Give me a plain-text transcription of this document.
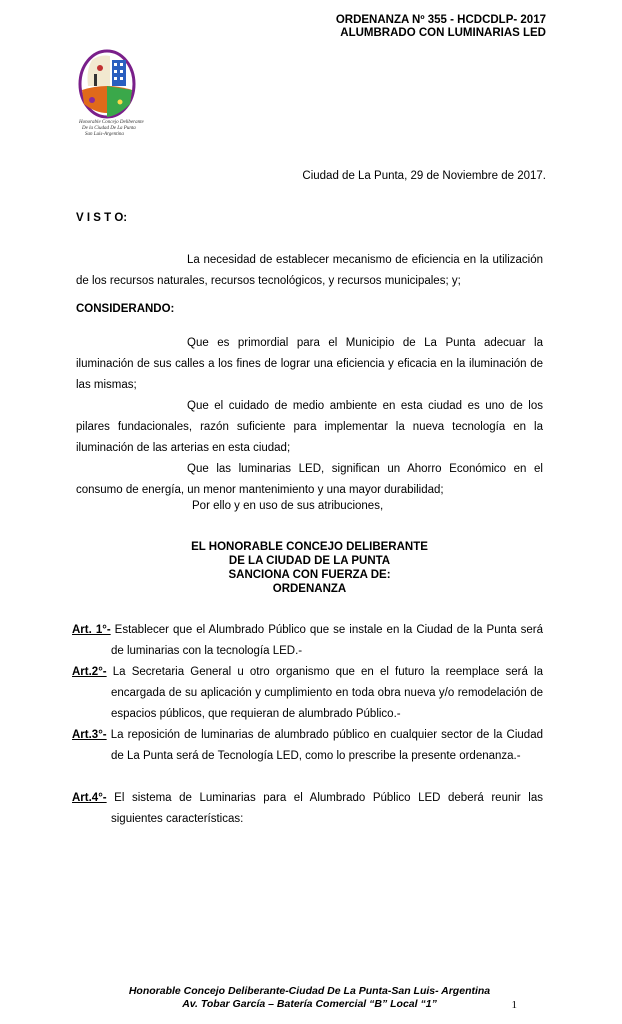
ORDENANZA Nº 355 - HCDCDLP- 2017
ALUMBRADO CON LUMINARIAS LED
Honorable Concejo Deliberante
De la Ciudad De La Punta
San Luis-Argentina
Ciudad de La Punta, 29 de Noviembre de 2017.
V I S T O:
La necesidad de establecer mecanismo de eficiencia en la utilización de los recursos naturales, recursos tecnológicos, y recursos municipales; y;
CONSIDERANDO:
Que es primordial para el Municipio de La Punta adecuar la iluminación de sus calles a los fines de lograr una eficiencia y eficacia en la iluminación de las mismas;
Que el cuidado de medio ambiente en esta ciudad es uno de los pilares fundacionales, razón suficiente para implementar la nueva tecnología en la iluminación de las arterias en esta ciudad;
Que las luminarias LED, significan un Ahorro Económico en el consumo de energía, un menor mantenimiento y una mayor durabilidad;
Por ello y en uso de sus atribuciones,
EL HONORABLE CONCEJO DELIBERANTE
DE LA CIUDAD DE LA PUNTA
SANCIONA CON FUERZA DE:
ORDENANZA
Art. 1°- Establecer que el Alumbrado Público que se instale en la Ciudad de la Punta será de luminarias con la tecnología LED.-
Art.2°- La Secretaria General u otro organismo que en el futuro la reemplace será la encargada de su aplicación y cumplimiento en toda obra nueva y/o remodelación de espacios públicos, que requieran de alumbrado Público.-
Art.3°- La reposición de luminarias de alumbrado público en cualquier sector de la Ciudad de La Punta será de Tecnología LED, como lo prescribe la presente ordenanza.-
Art.4°- El sistema de Luminarias para el Alumbrado Público LED deberá reunir las siguientes características:
Honorable Concejo Deliberante-Ciudad De La Punta-San Luis- Argentina
Av. Tobar García – Batería Comercial “B” Local “1”	1
